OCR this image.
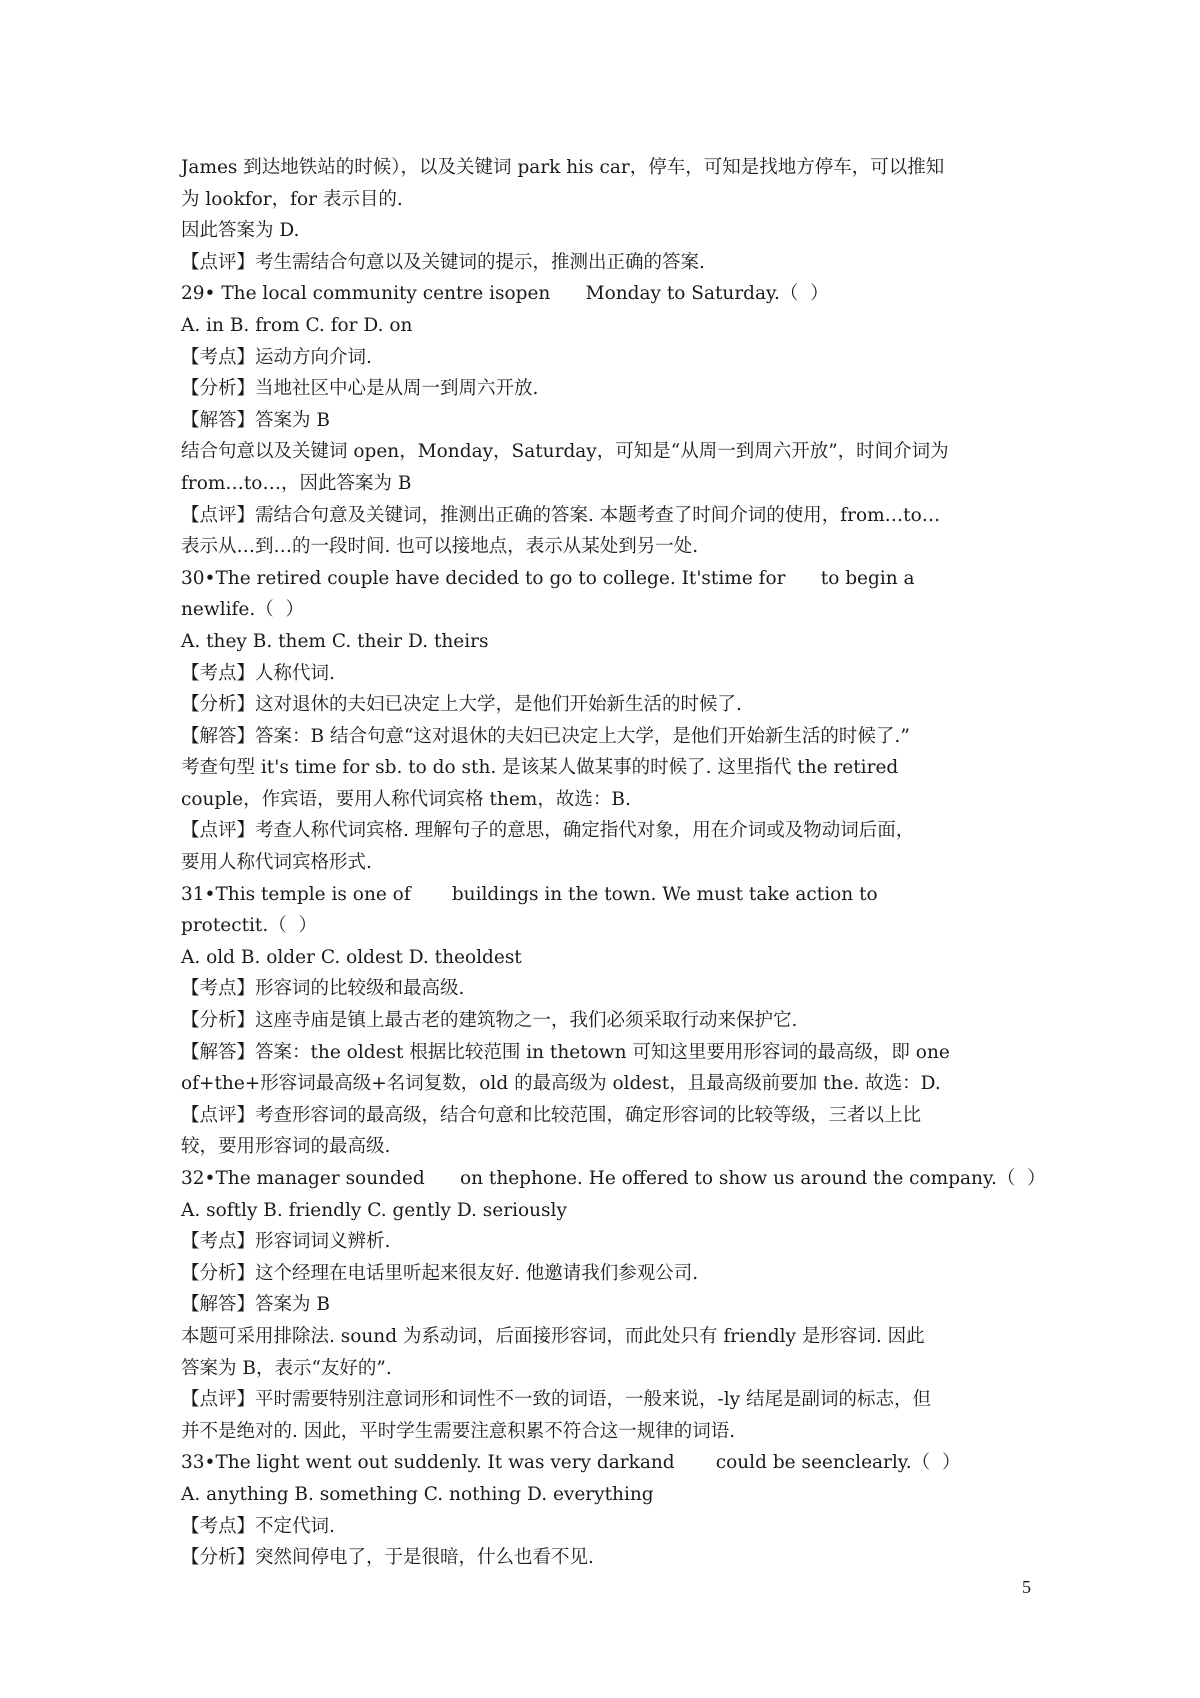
James 到达地铁站的时候），以及关键词 park his car，停车，可知是找地方停车，可以推知
为 lookfor，for 表示目的.
因此答案为 D.
【点评】考生需结合句意以及关键词的提示，推测出正确的答案.
29• The local community centre isopen      Monday to Saturday.（  ）
A. in B. from C. for D. on
【考点】运动方向介词.
【分析】当地社区中心是从周一到周六开放.
【解答】答案为 B
结合句意以及关键词 open，Monday，Saturday，可知是“从周一到周六开放”，时间介词为
from…to…，因此答案为 B
【点评】需结合句意及关键词，推测出正确的答案. 本题考查了时间介词的使用，from…to…
表示从…到…的一段时间. 也可以接地点，表示从某处到另一处.
30•The retired couple have decided to go to college. It'stime for      to begin a
newlife.（  ）
A. they B. them C. their D. theirs
【考点】人称代词.
【分析】这对退休的夫妇已决定上大学，是他们开始新生活的时候了.
【解答】答案：B 结合句意“这对退休的夫妇已决定上大学，是他们开始新生活的时候了.”
考查句型 it's time for sb. to do sth. 是该某人做某事的时候了. 这里指代 the retired
couple，作宾语，要用人称代词宾格 them，故选：B.
【点评】考查人称代词宾格. 理解句子的意思，确定指代对象，用在介词或及物动词后面，
要用人称代词宾格形式.
31•This temple is one of       buildings in the town. We must take action to
protectit.（  ）
A. old B. older C. oldest D. theoldest
【考点】形容词的比较级和最高级.
【分析】这座寺庙是镇上最古老的建筑物之一，我们必须采取行动来保护它.
【解答】答案：the oldest 根据比较范围 in thetown 可知这里要用形容词的最高级，即 one
of+the+形容词最高级+名词复数，old 的最高级为 oldest，且最高级前要加 the. 故选：D.
【点评】考查形容词的最高级，结合句意和比较范围，确定形容词的比较等级，三者以上比
较，要用形容词的最高级.
32•The manager sounded      on thephone. He offered to show us around the company.（  ）
A. softly B. friendly C. gently D. seriously
【考点】形容词词义辨析.
【分析】这个经理在电话里听起来很友好. 他邀请我们参观公司.
【解答】答案为 B
本题可采用排除法. sound 为系动词，后面接形容词，而此处只有 friendly 是形容词. 因此
答案为 B，表示“友好的”.
【点评】平时需要特别注意词形和词性不一致的词语，一般来说，-ly 结尾是副词的标志，但
并不是绝对的. 因此，平时学生需要注意积累不符合这一规律的词语.
33•The light went out suddenly. It was very darkand       could be seenclearly.（  ）
A. anything B. something C. nothing D. everything
【考点】不定代词.
【分析】突然间停电了，于是很暗，什么也看不见.
5
